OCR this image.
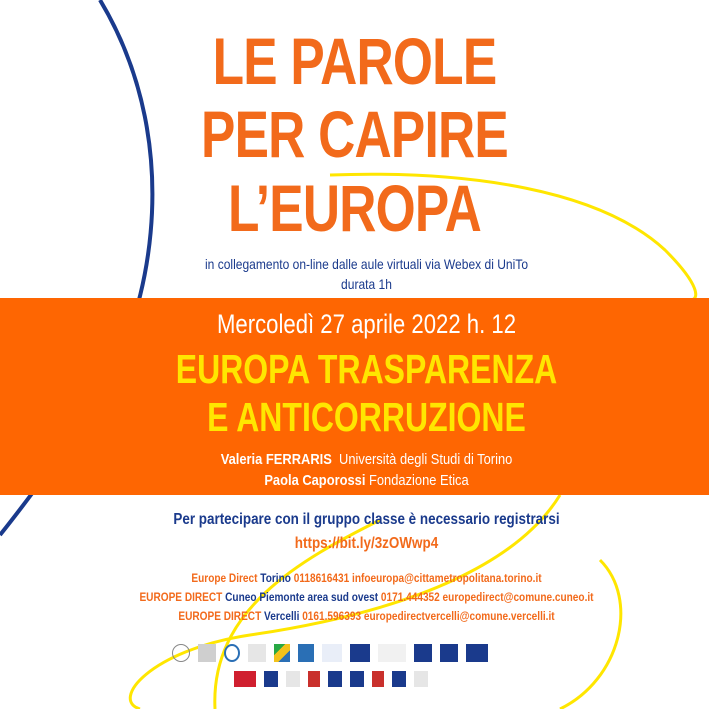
LE PAROLE
PER CAPIRE
L’EUROPA
in collegamento on-line dalle aule virtuali via Webex di UniTo
durata 1h
Mercoledì 27 aprile 2022 h. 12
EUROPA TRASPARENZA
E ANTICORRUZIONE
Valeria FERRARIS Università degli Studi di Torino
Paola Caporossi Fondazione Etica
Per partecipare con il gruppo classe è necessario registrarsi
https://bit.ly/3zOWwp4
Europe Direct Torino 0118616431 infoeuropa@cittametropolitana.torino.it
EUROPE DIRECT Cuneo Piemonte area sud ovest 0171.444352 europedirect@comune.cuneo.it
EUROPE DIRECT Vercelli 0161.596393 europedirectvercelli@comune.vercelli.it
